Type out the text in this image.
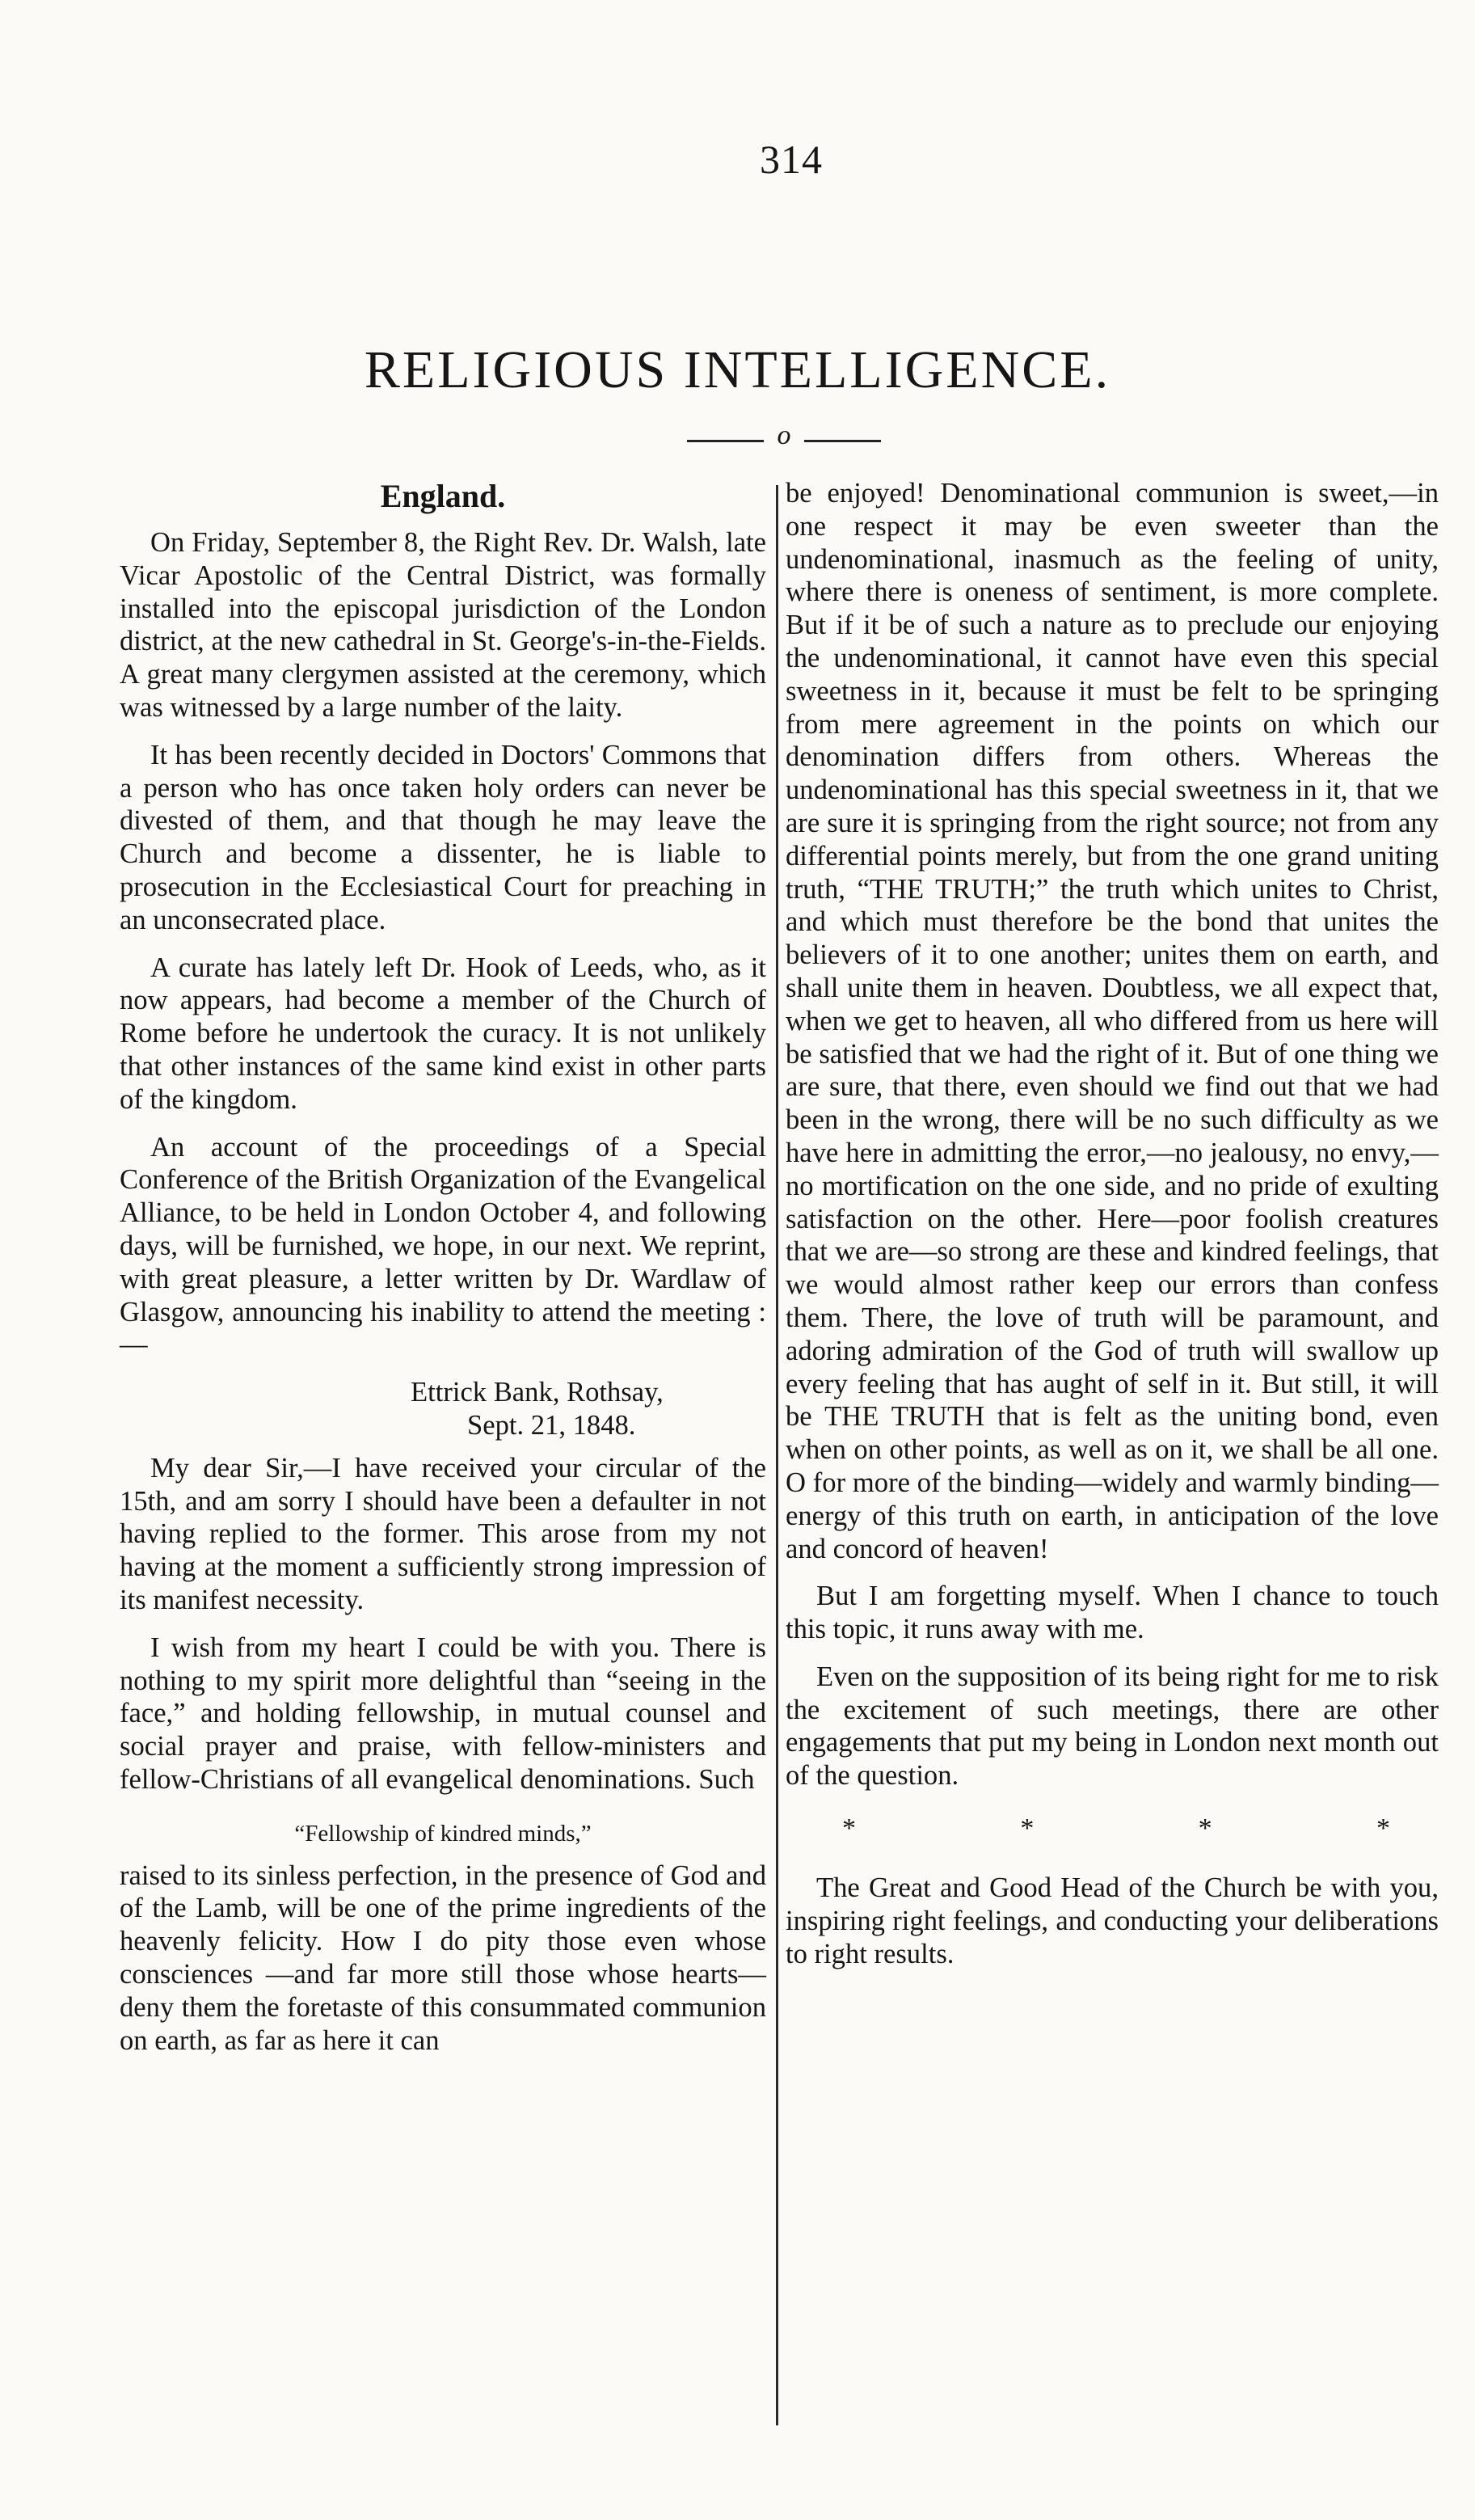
314
RELIGIOUS INTELLIGENCE.
o
England.

On Friday, September 8, the Right Rev. Dr. Walsh, late Vicar Apostolic of the Central District, was formally installed into the episcopal jurisdiction of the London district, at the new cathedral in St. George's-in-the-Fields. A great many clergymen assisted at the ceremony, which was witnessed by a large number of the laity.

It has been recently decided in Doctors' Commons that a person who has once taken holy orders can never be divested of them, and that though he may leave the Church and become a dissenter, he is liable to prosecution in the Ecclesiastical Court for preaching in an unconsecrated place.

A curate has lately left Dr. Hook of Leeds, who, as it now appears, had become a member of the Church of Rome before he undertook the curacy. It is not unlikely that other instances of the same kind exist in other parts of the kingdom.

An account of the proceedings of a Special Conference of the British Organization of the Evangelical Alliance, to be held in London October 4, and following days, will be furnished, we hope, in our next. We reprint, with great pleasure, a letter written by Dr. Wardlaw of Glasgow, announcing his inability to attend the meeting :—

Ettrick Bank, Rothsay,
Sept. 21, 1848.

My dear Sir,—I have received your circular of the 15th, and am sorry I should have been a defaulter in not having replied to the former. This arose from my not having at the moment a sufficiently strong impression of its manifest necessity.

I wish from my heart I could be with you. There is nothing to my spirit more delightful than “seeing in the face,” and holding fellowship, in mutual counsel and social prayer and praise, with fellow-ministers and fellow-Christians of all evangelical denominations. Such

“Fellowship of kindred minds,”

raised to its sinless perfection, in the presence of God and of the Lamb, will be one of the prime ingredients of the heavenly felicity. How I do pity those even whose consciences —and far more still those whose hearts— deny them the foretaste of this consummated communion on earth, as far as here it can

be enjoyed! Denominational communion is sweet,—in one respect it may be even sweeter than the undenominational, inasmuch as the feeling of unity, where there is oneness of sentiment, is more complete. But if it be of such a nature as to preclude our enjoying the undenominational, it cannot have even this special sweetness in it, because it must be felt to be springing from mere agreement in the points on which our denomination differs from others. Whereas the undenominational has this special sweetness in it, that we are sure it is springing from the right source; not from any differential points merely, but from the one grand uniting truth, “THE TRUTH;” the truth which unites to Christ, and which must therefore be the bond that unites the believers of it to one another; unites them on earth, and shall unite them in heaven. Doubtless, we all expect that, when we get to heaven, all who differed from us here will be satisfied that we had the right of it. But of one thing we are sure, that there, even should we find out that we had been in the wrong, there will be no such difficulty as we have here in admitting the error,—no jealousy, no envy,—no mortification on the one side, and no pride of exulting satisfaction on the other. Here—poor foolish creatures that we are—so strong are these and kindred feelings, that we would almost rather keep our errors than confess them. There, the love of truth will be paramount, and adoring admiration of the God of truth will swallow up every feeling that has aught of self in it. But still, it will be THE TRUTH that is felt as the uniting bond, even when on other points, as well as on it, we shall be all one. O for more of the binding—widely and warmly binding—energy of this truth on earth, in anticipation of the love and concord of heaven!

But I am forgetting myself. When I chance to touch this topic, it runs away with me.

Even on the supposition of its being right for me to risk the excitement of such meetings, there are other engagements that put my being in London next month out of the question.

*	*	*	*

The Great and Good Head of the Church be with you, inspiring right feelings, and conducting your deliberations to right results.
